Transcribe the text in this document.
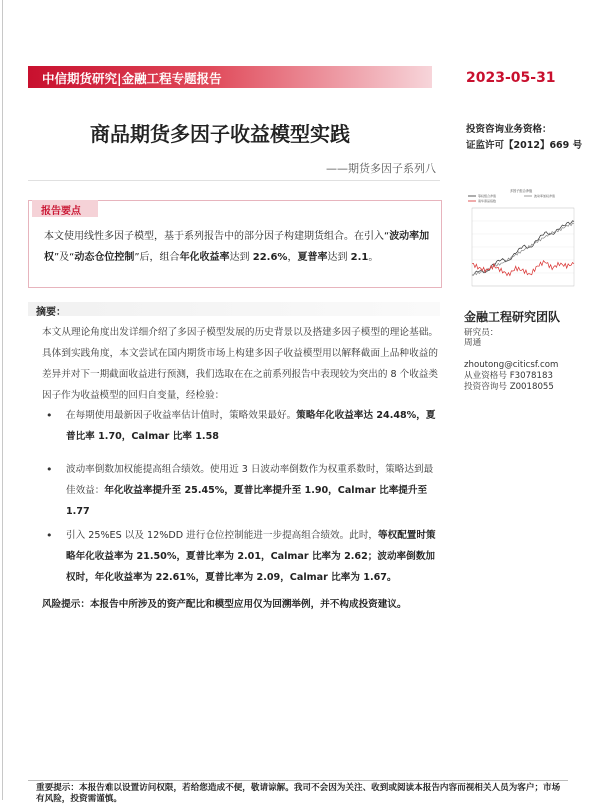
中信期货研究|金融工程专题报告	2023-05-31
商品期货多因子收益模型实践
——期货多因子系列八
投资咨询业务资格：
证监许可【2012】669 号
多因子组合净值
等权组合净值	波动率加权净值
南华商品指数
报告要点
本文使用线性多因子模型，基于系列报告中的部分因子构建期货组合。在引入“波动率加权”及“动态仓位控制”后，组合年化收益率达到 22.6%，夏普率达到 2.1。
摘要：
本文从理论角度出发详细介绍了多因子模型发展的历史背景以及搭建多因子模型的理论基础。具体到实践角度，本文尝试在国内期货市场上构建多因子收益模型用以解释截面上品种收益的差异并对下一期截面收益进行预测，我们选取在在之前系列报告中表现较为突出的 8 个收益类因子作为收益模型的回归自变量，经检验：
• 在每期使用最新因子收益率估计值时，策略效果最好。策略年化收益率达 24.48%，夏普比率 1.70，Calmar 比率 1.58
• 波动率倒数加权能提高组合绩效。使用近 3 日波动率倒数作为权重系数时，策略达到最佳效益：年化收益率提升至 25.45%，夏普比率提升至 1.90，Calmar 比率提升至 1.77
• 引入 25%ES 以及 12%DD 进行仓位控制能进一步提高组合绩效。此时，等权配置时策略年化收益率为 21.50%，夏普比率为 2.01，Calmar 比率为 2.62；波动率倒数加权时，年化收益率为 22.61%，夏普比率为 2.09，Calmar 比率为 1.67。
风险提示：本报告中所涉及的资产配比和模型应用仅为回溯举例，并不构成投资建议。
金融工程研究团队
研究员：
周通
zhoutong@citicsf.com
从业资格号 F3078183
投资咨询号 Z0018055
重要提示：本报告难以设置访问权限，若给您造成不便，敬请谅解。我司不会因为关注、收到或阅读本报告内容而视相关人员为客户；市场有风险，投资需谨慎。
